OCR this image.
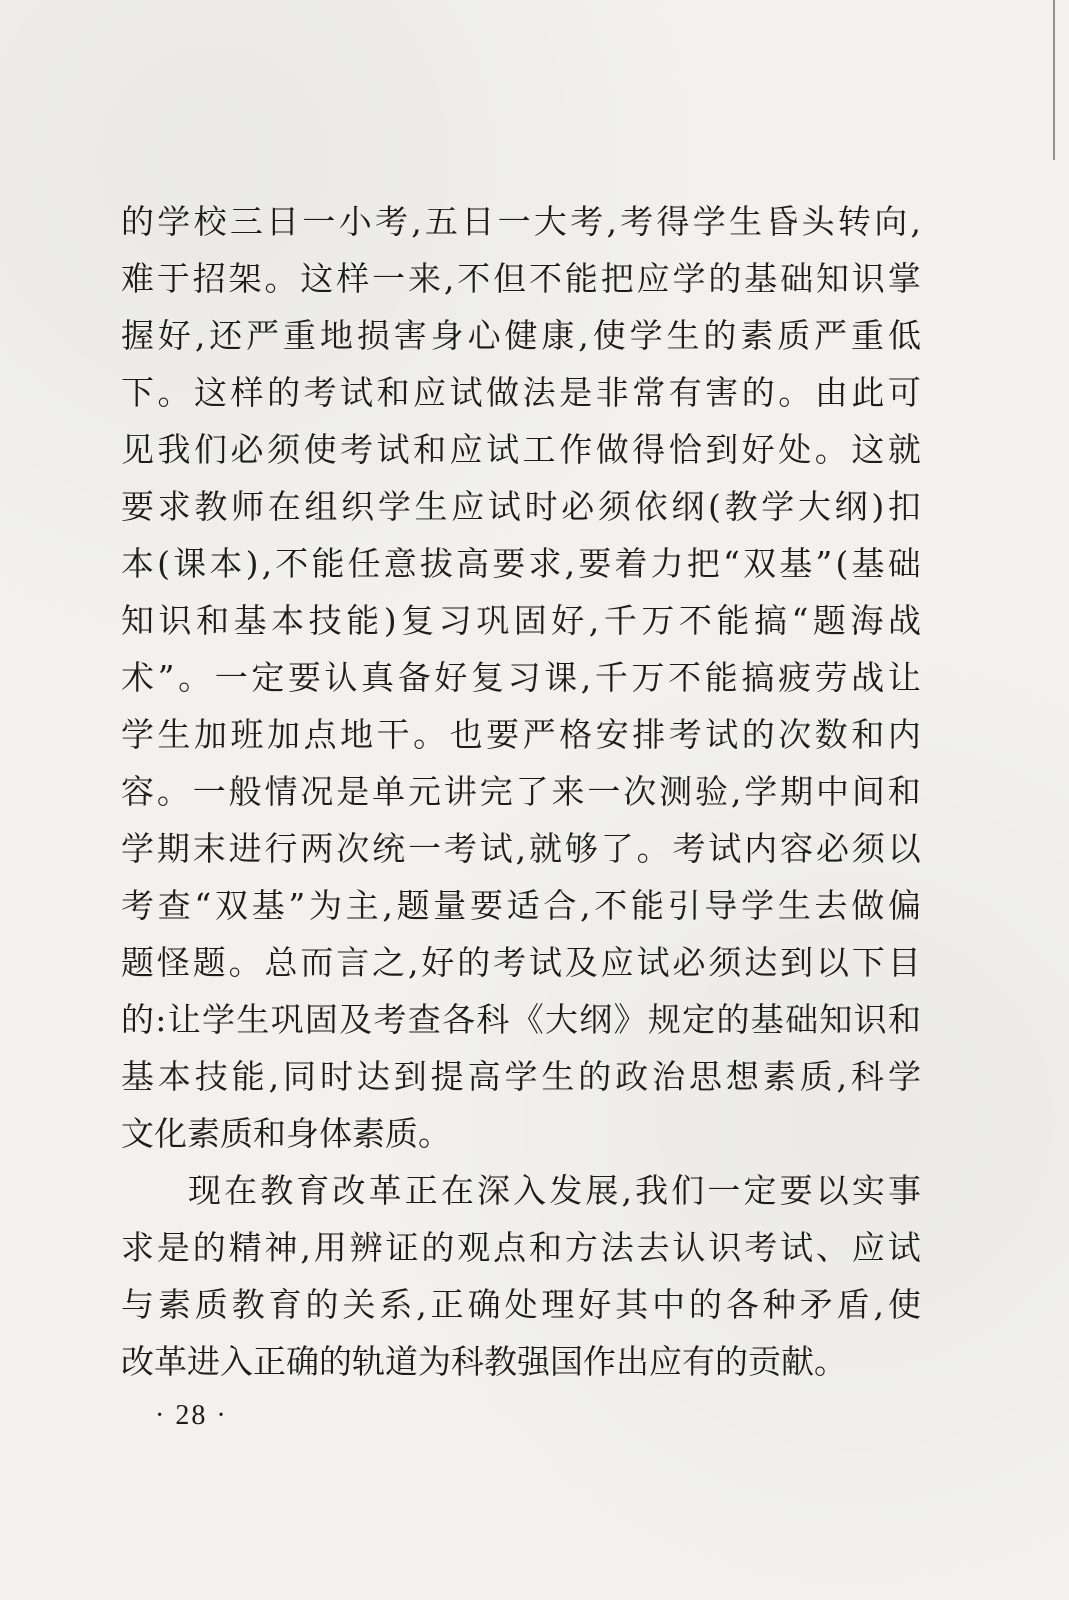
的 学 校 三 日 一 小 考 , 五 日 一 大 考 , 考 得 学 生 昏 头 转 向 ,
难 于 招 架 。 这 样 一 来 , 不 但 不 能 把 应 学 的 基 础 知 识 掌
握 好 , 还 严 重 地 损 害 身 心 健 康 , 使 学 生 的 素 质 严 重 低
下 。 这 样 的 考 试 和 应 试 做 法 是 非 常 有 害 的 。 由 此 可
见 我 们 必 须 使 考 试 和 应 试 工 作 做 得 恰 到 好 处 。 这 就
要 求 教 师 在 组 织 学 生 应 试 时 必 须 依 纲 ( 教 学 大 纲 ) 扣
本 ( 课 本 ) , 不 能 任 意 拔 高 要 求 , 要 着 力 把 “ 双 基 ” ( 基 础
知 识 和 基 本 技 能 ) 复 习 巩 固 好 , 千 万 不 能 搞 “ 题 海 战
术 ” 。 一 定 要 认 真 备 好 复 习 课 , 千 万 不 能 搞 疲 劳 战 让
学 生 加 班 加 点 地 干 。 也 要 严 格 安 排 考 试 的 次 数 和 内
容 。 一 般 情 况 是 单 元 讲 完 了 来 一 次 测 验 , 学 期 中 间 和
学 期 末 进 行 两 次 统 一 考 试 , 就 够 了 。 考 试 内 容 必 须 以
考 查 “ 双 基 ” 为 主 , 题 量 要 适 合 , 不 能 引 导 学 生 去 做 偏
题 怪 题 。 总 而 言 之 , 好 的 考 试 及 应 试 必 须 达 到 以 下 目
的 : 让 学 生 巩 固 及 考 查 各 科 《 大 纲 》 规 定 的 基 础 知 识 和
基 本 技 能 , 同 时 达 到 提 高 学 生 的 政 治 思 想 素 质 , 科 学
文化素质和身体素质。
现 在 教 育 改 革 正 在 深 入 发 展 , 我 们 一 定 要 以 实 事
求 是 的 精 神 , 用 辨 证 的 观 点 和 方 法 去 认 识 考 试 、 应 试
与 素 质 教 育 的 关 系 , 正 确 处 理 好 其 中 的 各 种 矛 盾 , 使
改革进入正确的轨道为科教强国作出应有的贡献。
· 28 ·
